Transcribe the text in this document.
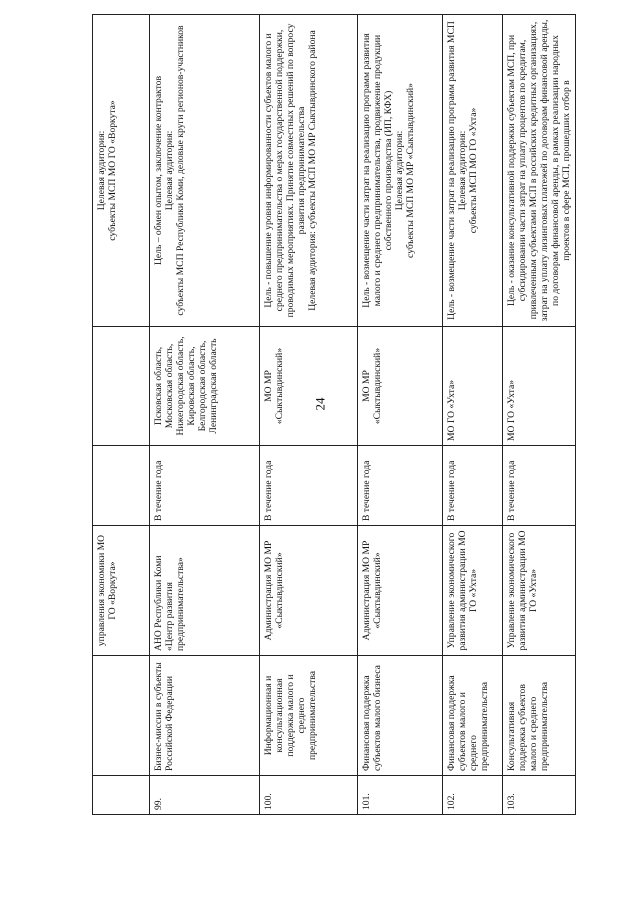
24
		управления экономики МО ГО «Воркута»			Целевая аудитория: субъекты МСП МО ГО «Воркута»

99.	Бизнес-миссии в субъекты Российской Федерации	АНО Республики Коми «Центр развития предпринимательства»	В течение года	Псковская область, Московская область, Нижегородская область, Кировская область, Белгородская область, Ленинградская область	Цель – обмен опытом, заключение контрактов Целевая аудитория: субъекты МСП Республики Коми, деловые круги регионов-участников

100.	Информационная и консультационная поддержка малого и среднего предпринимательства	Администрация МО МР «Сыктывдинский»	В течение года	МО МР «Сыктывдинский»	Цель - повышение уровня информированности субъектов малого и среднего предпринимательства о мерах государственной поддержки, проводимых мероприятиях. Принятие совместных решений по вопросу развития предпринимательства Целевая аудитория: субъекты МСП МО МР Сыктывдинского района

101.	Финансовая поддержка субъектов малого бизнеса	Администрация МО МР «Сыктывдинский»	В течение года	МО МР «Сыктывдинский»	Цель - возмещение части затрат на реализацию программ развития малого и среднего предпринимательства, продвижение продукции собственного производства (ИП, КФХ) Целевая аудитория: субъекты МСП МО МР «Сыктывдинский»

102.	Финансовая поддержка субъектов малого и среднего предпринимательства	Управление экономического развития администрации МО ГО «Ухта»	В течение года	МО ГО «Ухта»	Цель - возмещение части затрат на реализацию программ развития МСП Целевая аудитория: субъекты МСП МО ГО «Ухта»

103.	Консультативная поддержка субъектов малого и среднего предпринимательства	Управление экономического развития администрации МО ГО «Ухта»	В течение года	МО ГО «Ухта»	Цель - оказание консультативной поддержки субъектам МСП, при субсидировании части затрат на уплату процентов по кредитам, привлеченным субъектами МСП в российских кредитных организациях, затрат на уплату лизинговых платежей по договорам финансовой аренды, по договорам финансовой аренды, в рамках реализации народных проектов в сфере МСП, прошедших отбор в
